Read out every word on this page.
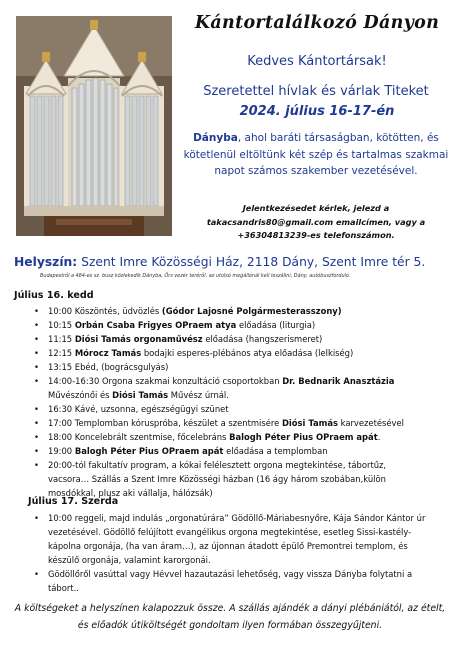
Kántortalálkozó Dányon
Kedves Kántortársak!
Szeretettel hívlak és várlak Titeket
2024. július 16-17-én
Dányba, ahol baráti társaságban, kötötten, és kötetlenül eltöltünk két szép és tartalmas szakmai napot számos szakember vezetésével.
Jelentkezésedet kérlek, jelezd a
takacsandris80@gmail.com emailcímen, vagy a
+36304813239-es telefonszámon.
Helyszín: Szent Imre Közösségi Ház, 2118 Dány, Szent Imre tér 5.
Budapestről a 484-es sz. busz közlekedik Dányba, Örs vezér teréről, az utolsó megállónál kell leszállni, Dány, autóbuszforduló.
Július 16. kedd
• 10:00 Köszöntés, üdvözlés (Gódor Lajosné Polgármesterasszony)
• 10:15 Orbán Csaba Frigyes OPraem atya előadása (liturgia)
• 11:15 Diósi Tamás orgonaművész előadása (hangszerismeret)
• 12:15 Mórocz Tamás bodajki esperes-plébános atya előadása (lelkiség)
• 13:15 Ebéd, (bográcsgulyás)
• 14:00-16:30 Orgona szakmai konzultáció csoportokban Dr. Bednarik Anasztázia
Művészónői és Diósi Tamás Művész úrnál.
• 16:30 Kávé, uzsonna, egészségügyi szünet
• 17:00 Templomban kóruspróba, készület a szentmisére Diósi Tamás karvezetésével
• 18:00 Koncelebrált szentmise, főcelebráns Balogh Péter Pius OPraem apát.
• 19:00 Balogh Péter Pius OPraem apát előadása a templomban
• 20:00-tól fakultatív program, a kókai felélesztett orgona megtekintése, tábortűz, vacsora… Szállás a Szent Imre Közösségi házban (16 ágy három szobában,külön mosdókkal, plusz aki vállalja, hálózsák)
Július 17. Szerda
• 10:00 reggeli, majd indulás „orgonatúrára” Gödöllő-Máriabesnyőre, Kája Sándor Kántor úr vezetésével. Gödöllő felújított evangélikus orgona megtekintése, esetleg Sissi-kastély-kápolna orgonája, (ha van áram…), az újonnan átadott épülő Premontrei templom, és készülő orgonája, valamint karorgonái.
• Gödöllőről vasúttal vagy Hévvel hazautazási lehetőség, vagy vissza Dányba folytatni a tábort..
A költségeket a helyszínen kalapozzuk össze. A szállás ajándék a dányi plébániától, az ételt, és előadók útiköltségét gondoltam ilyen formában összegyűjteni.
